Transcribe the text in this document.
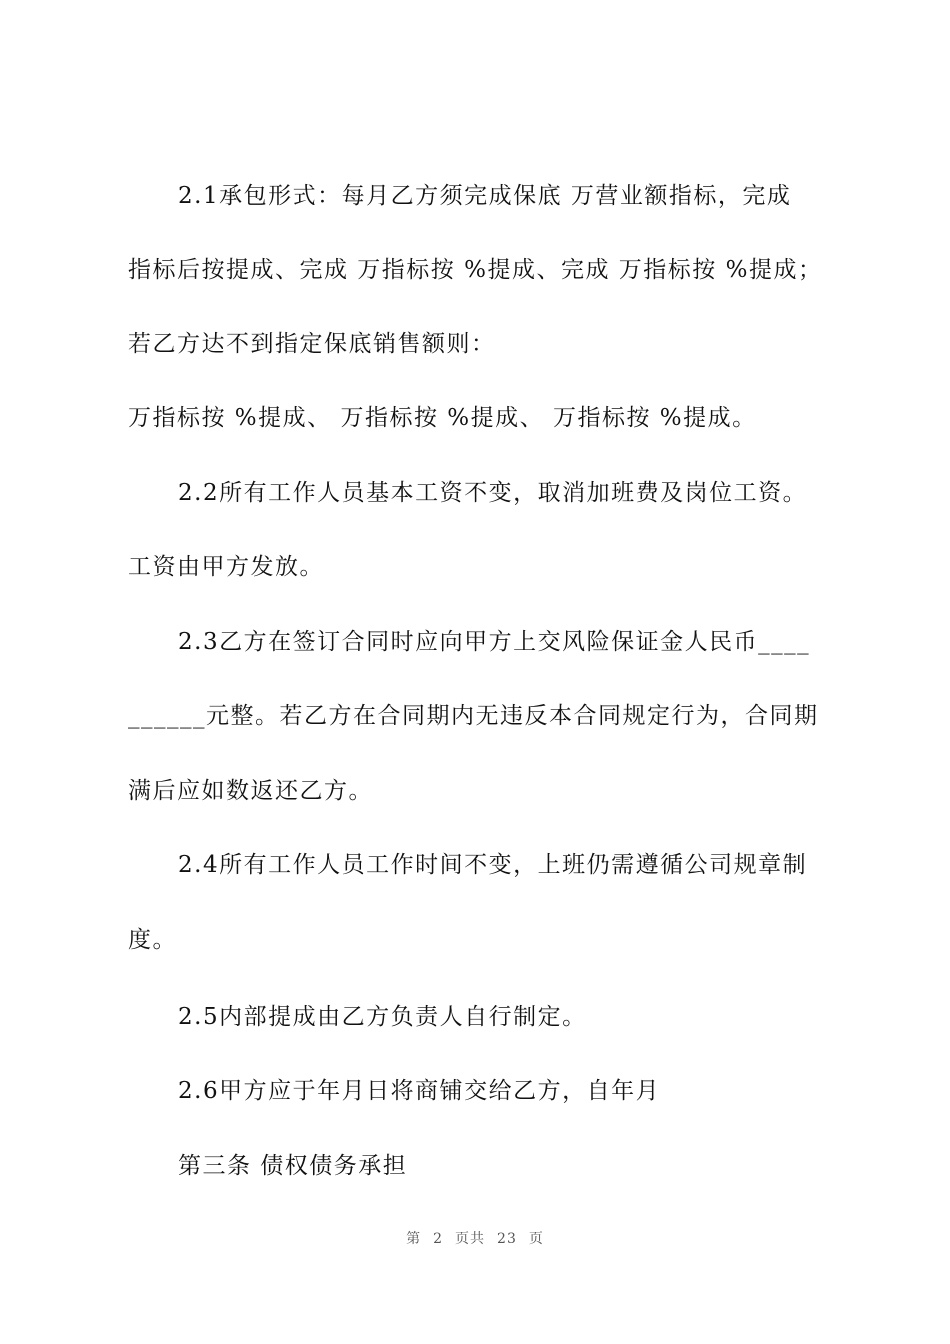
2.1承包形式：每月乙方须完成保底 万营业额指标，完成
指标后按提成、完成 万指标按 %提成、完成 万指标按 %提成；
若乙方达不到指定保底销售额则：
万指标按 %提成、 万指标按 %提成、 万指标按 %提成。
2.2所有工作人员基本工资不变，取消加班费及岗位工资。
工资由甲方发放。
2.3乙方在签订合同时应向甲方上交风险保证金人民币____
______元整。若乙方在合同期内无违反本合同规定行为，合同期
满后应如数返还乙方。
2.4所有工作人员工作时间不变，上班仍需遵循公司规章制
度。
2.5内部提成由乙方负责人自行制定。
2.6甲方应于年月日将商铺交给乙方，自年月
第三条 债权债务承担
第 2 页共 23 页
